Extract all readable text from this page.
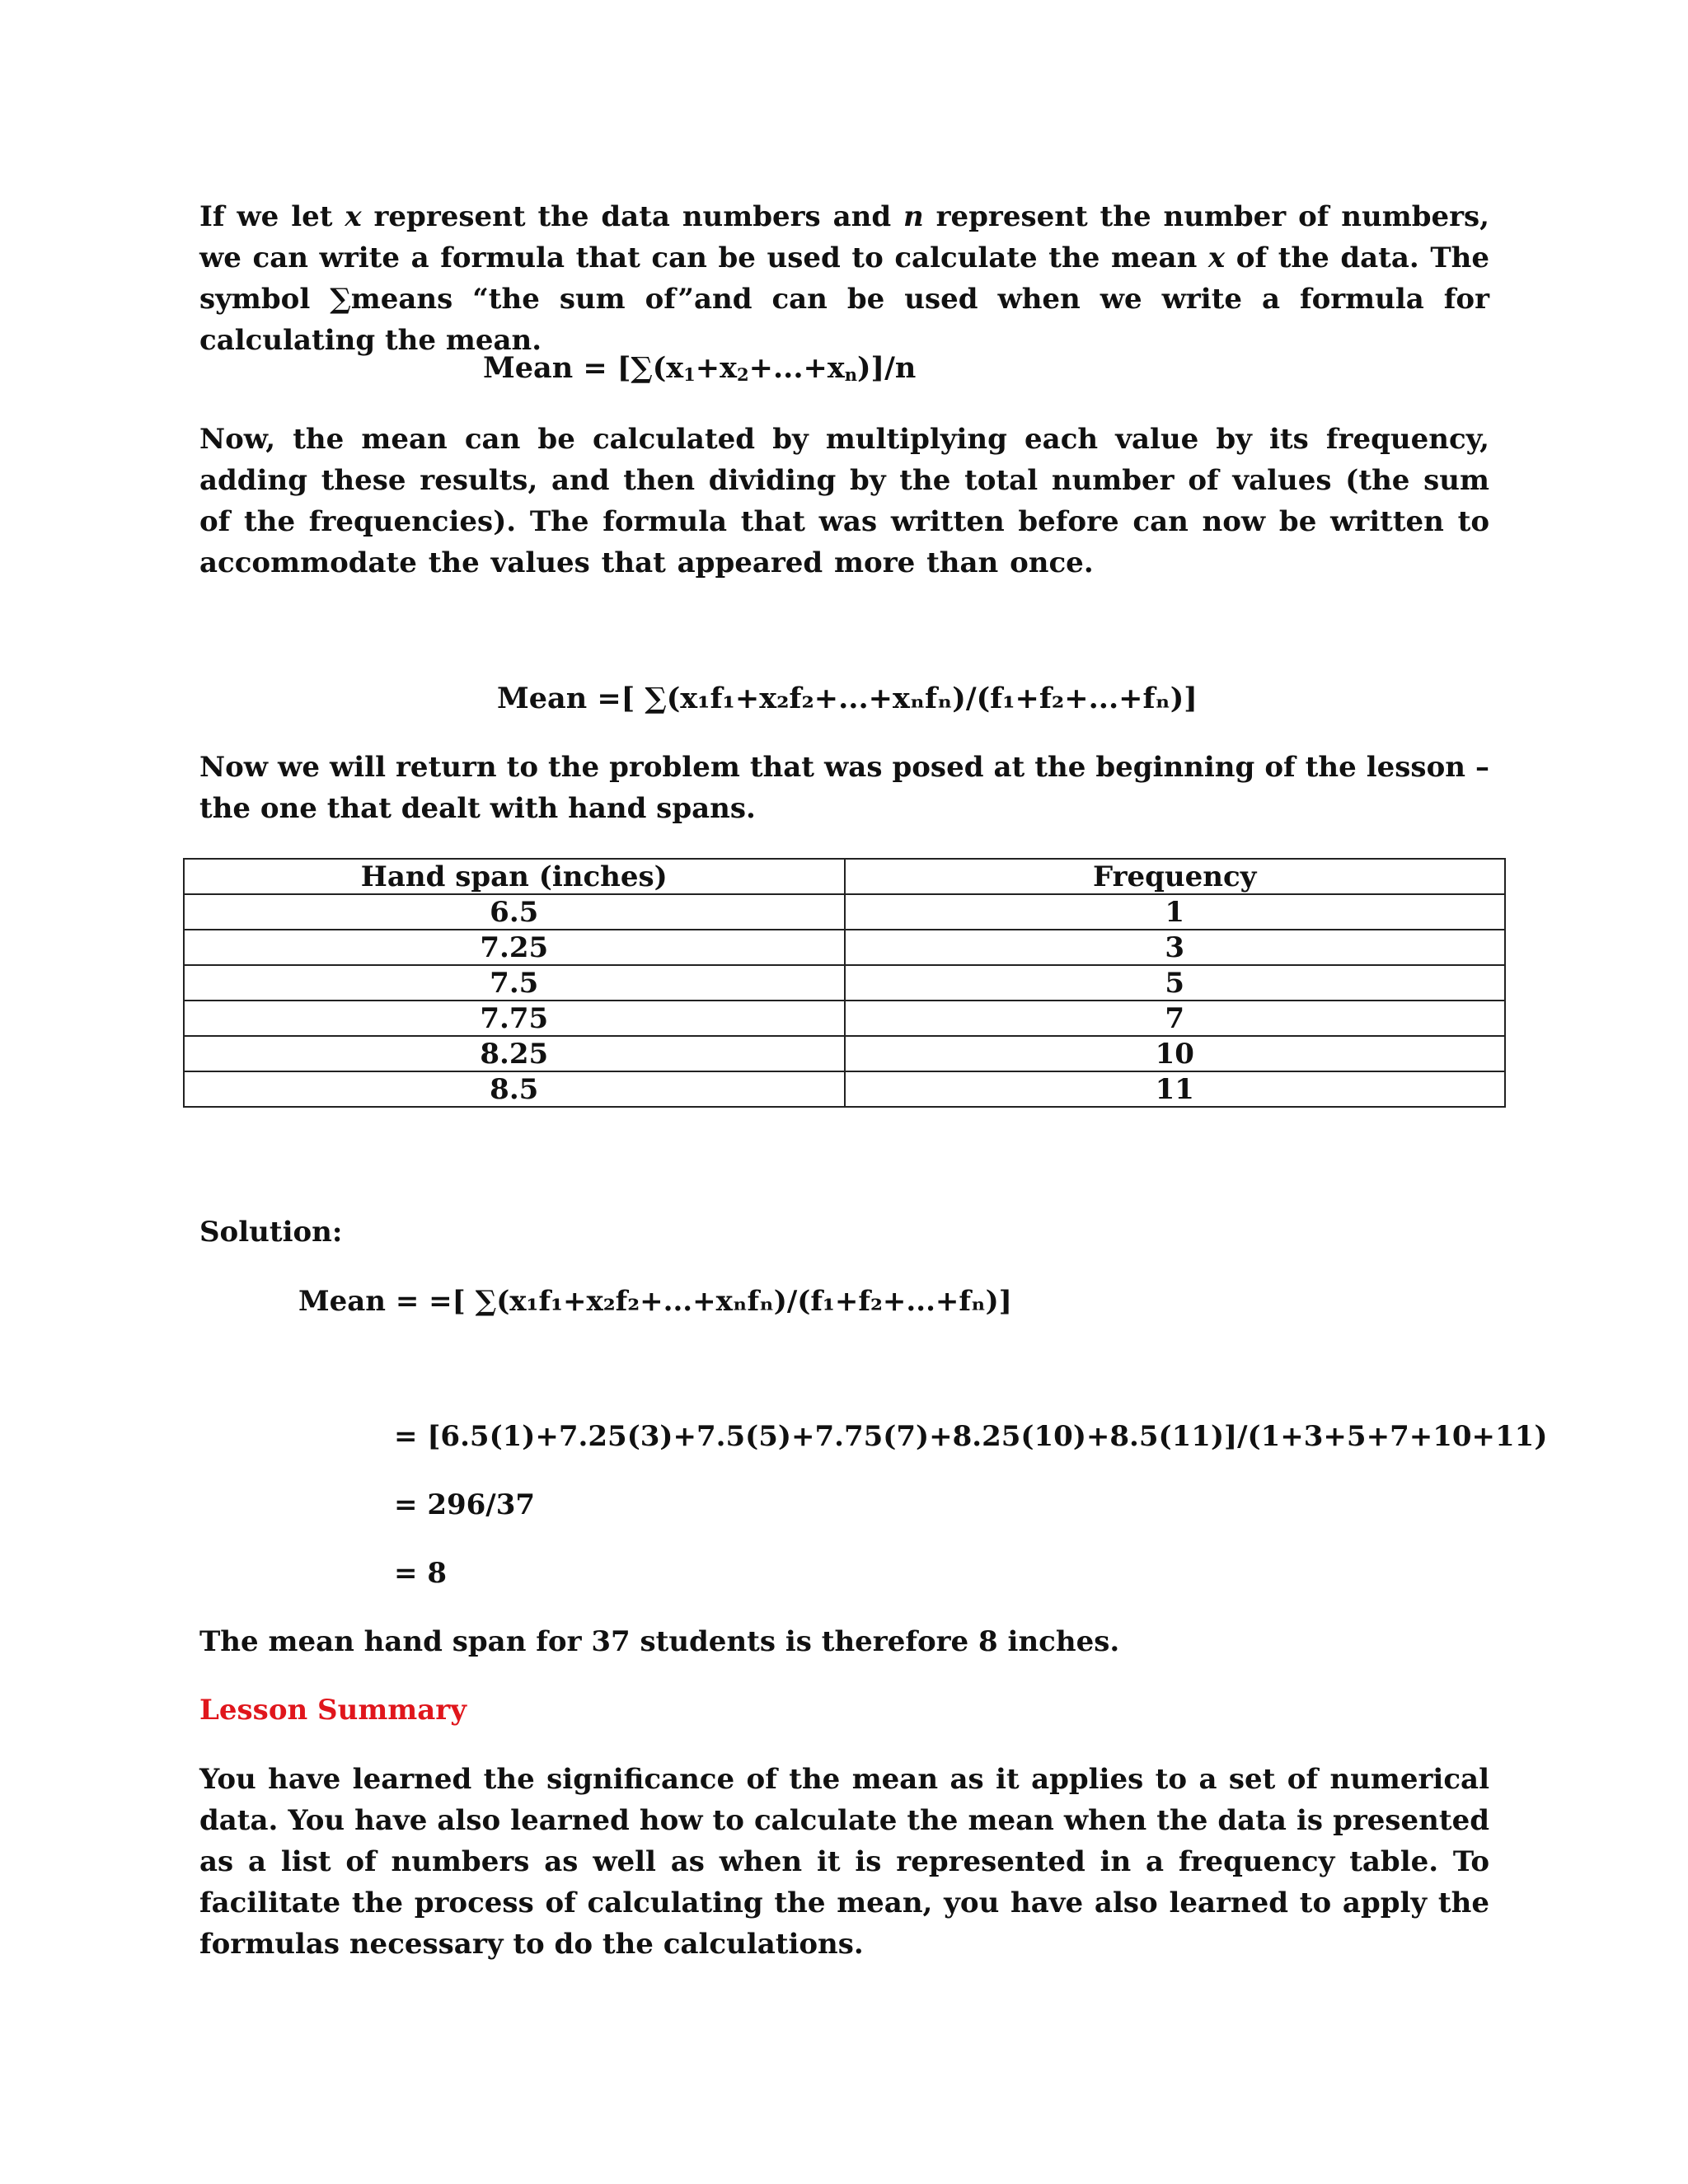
If we let x represent the data numbers and n represent the number of numbers, we can write a formula that can be used to calculate the mean x of the data. The symbol ∑means “the sum of”and can be used when we write a formula for calculating the mean.

Mean = $[\sum(x_1+x_2+...+x_n)]/n$

Now, the mean can be calculated by multiplying each value by its frequency, adding these results, and then dividing by the total number of values (the sum of the frequencies). The formula that was written before can now be written to accommodate the values that appeared more than once.

Mean =[ ∑(x₁f₁+x₂f₂+...+xₙfₙ)/(f₁+f₂+...+fₙ)]

Now we will return to the problem that was posed at the beginning of the lesson – the one that dealt with hand spans.

Hand span (inches)	Frequency
6.5	1
7.25	3
7.5	5
7.75	7
8.25	10
8.5	11

Solution:

Mean = =[ ∑(x₁f₁+x₂f₂+...+xₙfₙ)/(f₁+f₂+...+fₙ)]

= [6.5(1)+7.25(3)+7.5(5)+7.75(7)+8.25(10)+8.5(11)]/(1+3+5+7+10+11)

= 296/37

= 8

The mean hand span for 37 students is therefore 8 inches.

Lesson Summary

You have learned the significance of the mean as it applies to a set of numerical data. You have also learned how to calculate the mean when the data is presented as a list of numbers as well as when it is represented in a frequency table. To facilitate the process of calculating the mean, you have also learned to apply the formulas necessary to do the calculations.
